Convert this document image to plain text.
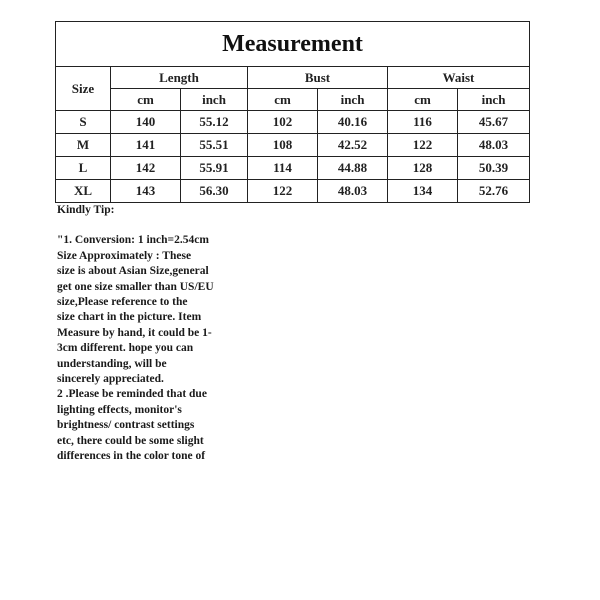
Measurement						
Size	Length		Bust		Waist	
	cm	inch	cm	inch	cm	inch
S	140	55.12	102	40.16	116	45.67
M	141	55.51	108	42.52	122	48.03
L	142	55.91	114	44.88	128	50.39
XL	143	56.30	122	48.03	134	52.76

Kindly Tip:

"1. Conversion: 1 inch=2.54cm

Size Approximately : These

size is about Asian Size,general

get one size smaller than US/EU

size,Please reference to the

size chart in the picture. Item

Measure by hand, it could be 1-

3cm different. hope you can

understanding, will be

sincerely appreciated.

2 .Please be reminded that due

lighting effects, monitor's

brightness/ contrast settings

etc, there could be some slight

differences in the color tone of
